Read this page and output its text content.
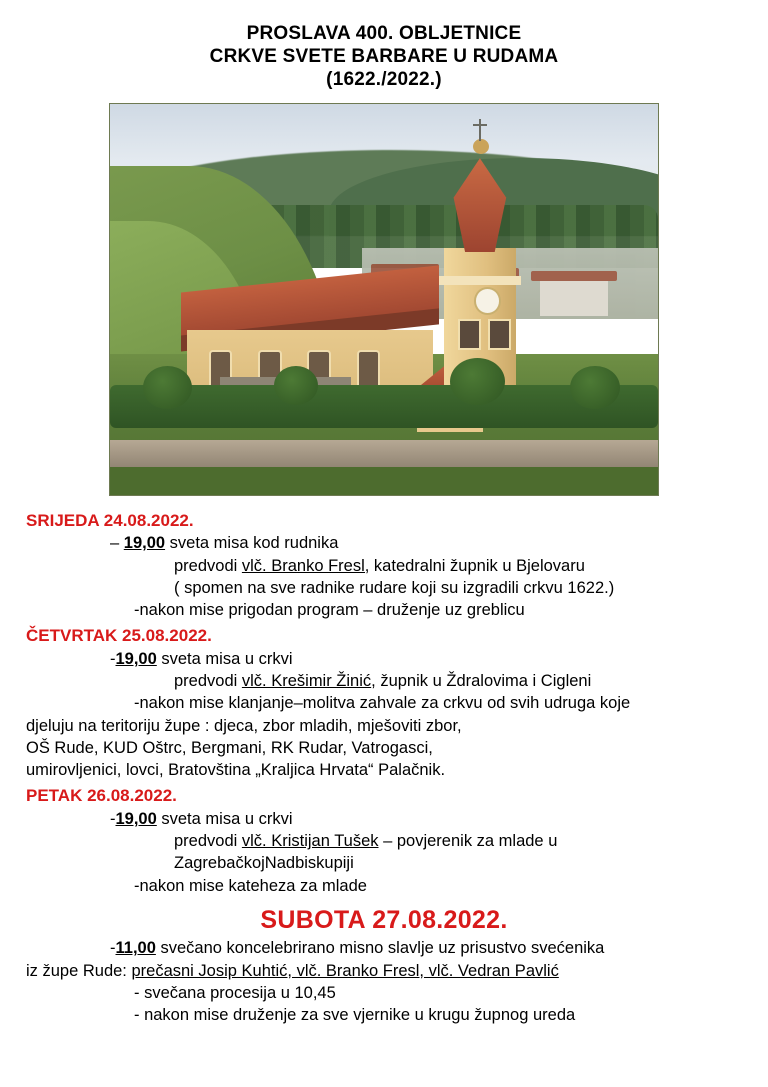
PROSLAVA 400. OBLJETNICE
CRKVE SVETE BARBARE U RUDAMA
(1622./2022.)
SRIJEDA 24.08.2022.
– 19,00 sveta misa kod rudnika
predvodi vlč. Branko Fresl, katedralni župnik u Bjelovaru
( spomen na sve radnike rudare koji su izgradili crkvu 1622.)
-nakon mise prigodan program – druženje uz greblicu
ČETVRTAK 25.08.2022.
-19,00 sveta misa u crkvi
predvodi vlč. Krešimir Žinić, župnik u Ždralovima i Cigleni
-nakon mise klanjanje–molitva zahvale za crkvu od svih udruga koje
djeluju na teritoriju župe : djeca, zbor mladih, mješoviti zbor,
OŠ Rude, KUD Oštrc, Bergmani, RK Rudar, Vatrogasci,
umirovljenici, lovci, Bratovština „Kraljica Hrvata“ Palačnik.
PETAK 26.08.2022.
-19,00 sveta misa u crkvi
predvodi vlč. Kristijan Tušek – povjerenik za mlade u
ZagrebačkojNadbiskupiji
-nakon mise kateheza za mlade
SUBOTA 27.08.2022.
-11,00 svečano koncelebrirano misno slavlje uz prisustvo svećenika
iz župe Rude: prečasni Josip Kuhtić, vlč. Branko Fresl, vlč. Vedran Pavlić
- svečana procesija u 10,45
- nakon mise druženje za sve vjernike u krugu župnog ureda
